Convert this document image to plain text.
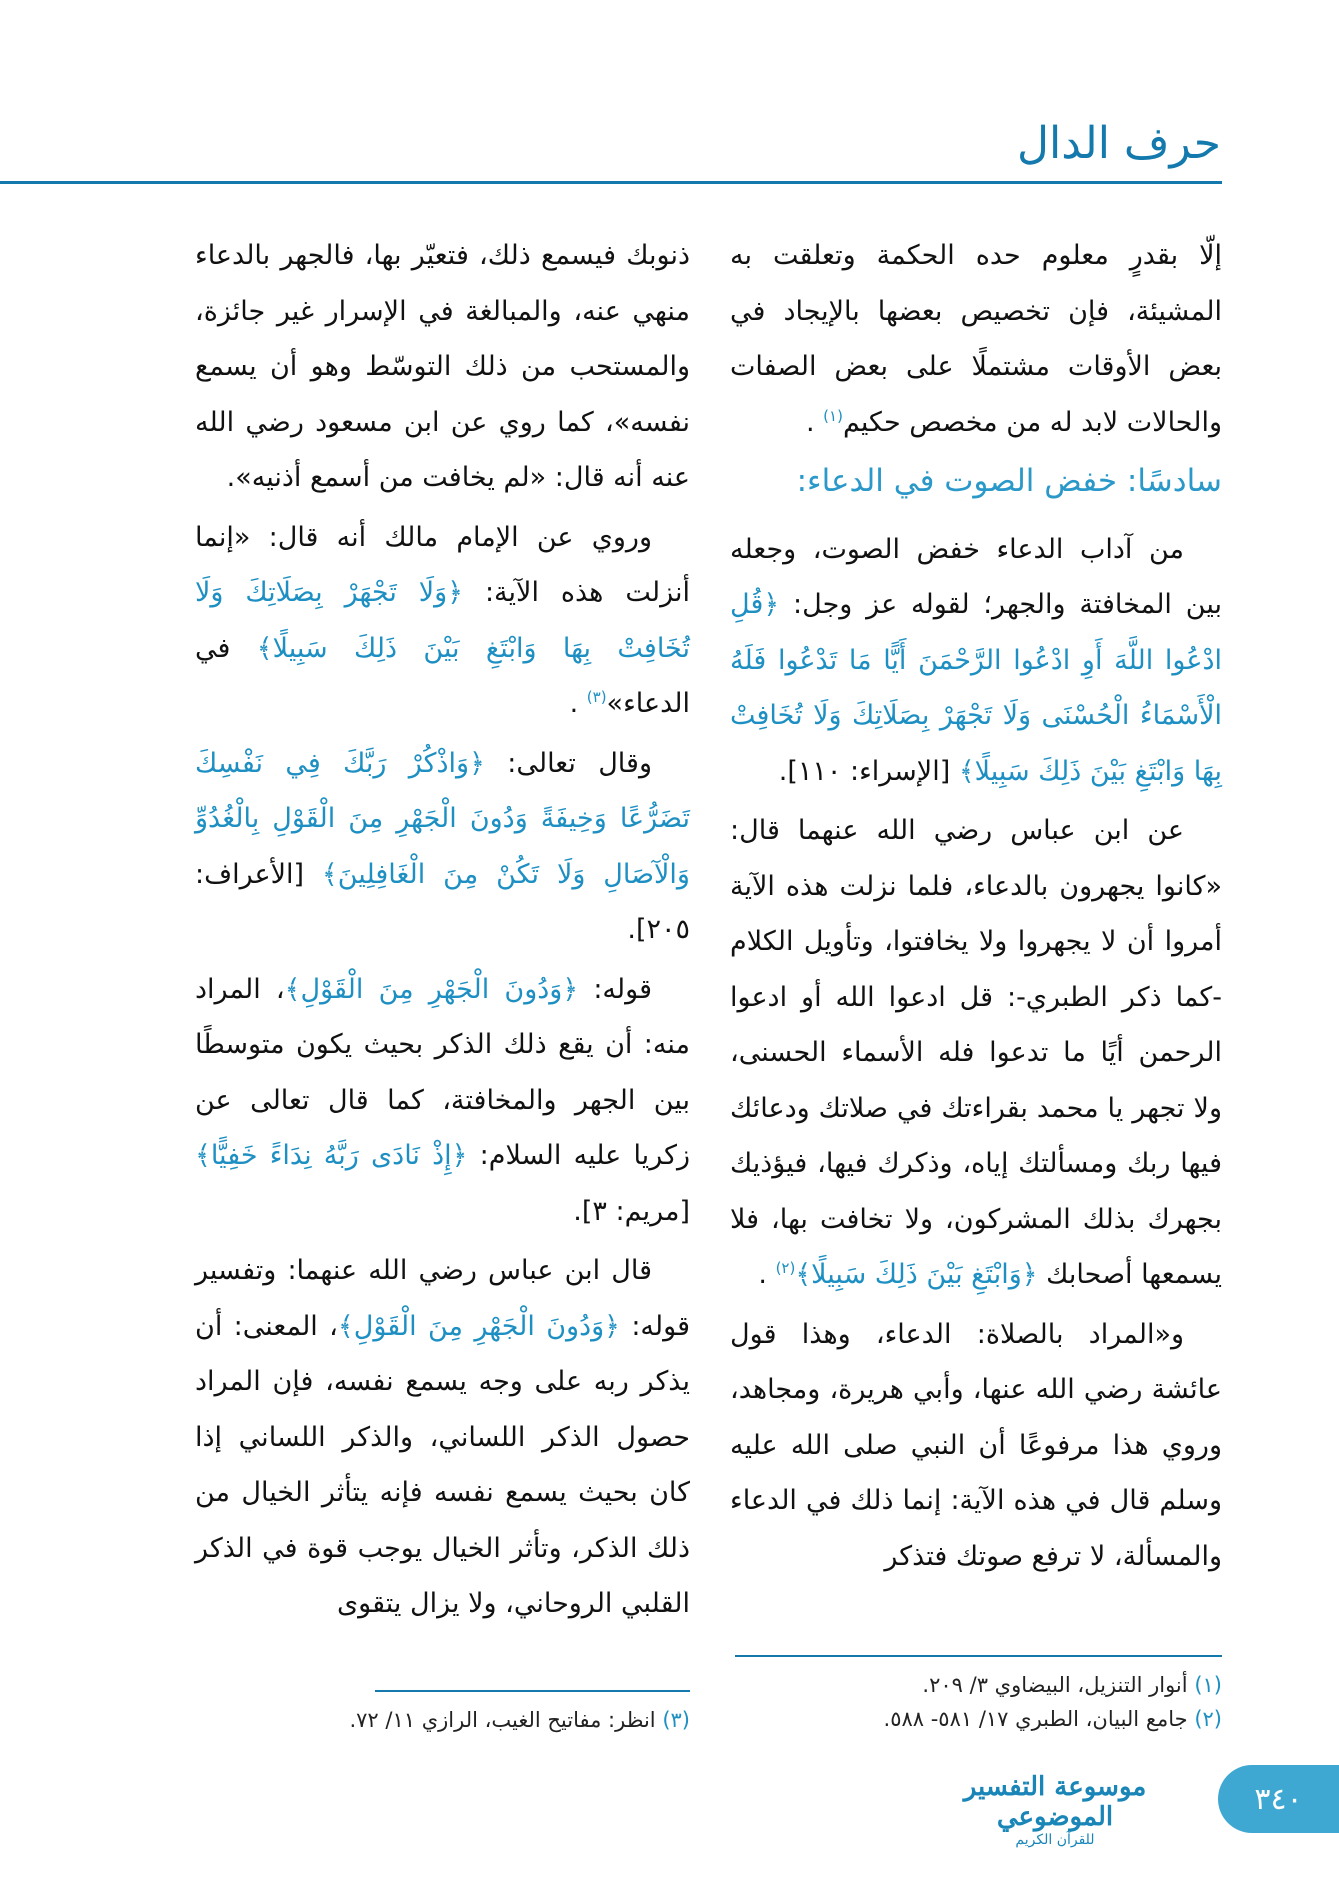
حرف الدال

إلّا بقدرٍ معلوم حده الحكمة وتعلقت به المشيئة، فإن تخصيص بعضها بالإيجاد في بعض الأوقات مشتملًا على بعض الصفات والحالات لابد له من مخصص حكيم$^{(١)}$ .

سادسًا: خفض الصوت في الدعاء:

من آداب الدعاء خفض الصوت، وجعله بين المخافتة والجهر؛ لقوله عز وجل: ﴿قُلِ ادْعُوا اللَّهَ أَوِ ادْعُوا الرَّحْمَنَ أَيًّا مَا تَدْعُوا فَلَهُ الْأَسْمَاءُ الْحُسْنَى وَلَا تَجْهَرْ بِصَلَاتِكَ وَلَا تُخَافِتْ بِهَا وَابْتَغِ بَيْنَ ذَلِكَ سَبِيلًا﴾ [الإسراء: ١١٠].

عن ابن عباس رضي الله عنهما قال: «كانوا يجهرون بالدعاء، فلما نزلت هذه الآية أمروا أن لا يجهروا ولا يخافتوا، وتأويل الكلام -كما ذكر الطبري-: قل ادعوا الله أو ادعوا الرحمن أيًا ما تدعوا فله الأسماء الحسنى، ولا تجهر يا محمد بقراءتك في صلاتك ودعائك فيها ربك ومسألتك إياه، وذكرك فيها، فيؤذيك بجهرك بذلك المشركون، ولا تخافت بها، فلا يسمعها أصحابك ﴿وَابْتَغِ بَيْنَ ذَلِكَ سَبِيلًا﴾$^{(٢)}$ .

و«المراد بالصلاة: الدعاء، وهذا قول عائشة رضي الله عنها، وأبي هريرة، ومجاهد، وروي هذا مرفوعًا أن النبي صلى الله عليه وسلم قال في هذه الآية: إنما ذلك في الدعاء والمسألة، لا ترفع صوتك فتذكر

ذنوبك فيسمع ذلك، فتعيّر بها، فالجهر بالدعاء منهي عنه، والمبالغة في الإسرار غير جائزة، والمستحب من ذلك التوسّط وهو أن يسمع نفسه»، كما روي عن ابن مسعود رضي الله عنه أنه قال: «لم يخافت من أسمع أذنيه».

وروي عن الإمام مالك أنه قال: «إنما أنزلت هذه الآية: ﴿وَلَا تَجْهَرْ بِصَلَاتِكَ وَلَا تُخَافِتْ بِهَا وَابْتَغِ بَيْنَ ذَلِكَ سَبِيلًا﴾ في الدعاء»$^{(٣)}$ .

وقال تعالى: ﴿وَاذْكُرْ رَبَّكَ فِي نَفْسِكَ تَضَرُّعًا وَخِيفَةً وَدُونَ الْجَهْرِ مِنَ الْقَوْلِ بِالْغُدُوِّ وَالْآصَالِ وَلَا تَكُنْ مِنَ الْغَافِلِينَ﴾ [الأعراف: ٢٠٥].

قوله: ﴿وَدُونَ الْجَهْرِ مِنَ الْقَوْلِ﴾، المراد منه: أن يقع ذلك الذكر بحيث يكون متوسطًا بين الجهر والمخافتة، كما قال تعالى عن زكريا عليه السلام: ﴿إِذْ نَادَى رَبَّهُ نِدَاءً خَفِيًّا﴾ [مريم: ٣].

قال ابن عباس رضي الله عنهما: وتفسير قوله: ﴿وَدُونَ الْجَهْرِ مِنَ الْقَوْلِ﴾، المعنى: أن يذكر ربه على وجه يسمع نفسه، فإن المراد حصول الذكر اللساني، والذكر اللساني إذا كان بحيث يسمع نفسه فإنه يتأثر الخيال من ذلك الذكر، وتأثر الخيال يوجب قوة في الذكر القلبي الروحاني، ولا يزال يتقوى

(١) أنوار التنزيل، البيضاوي ٣/ ٢٠٩.
(٢) جامع البيان، الطبري ١٧/ ٥٨١- ٥٨٨.
(٣) انظر: مفاتيح الغيب، الرازي ١١/ ٧٢.
موسوعة التفسير الموضوعي
للقرآن الكريم
٣٤٠
